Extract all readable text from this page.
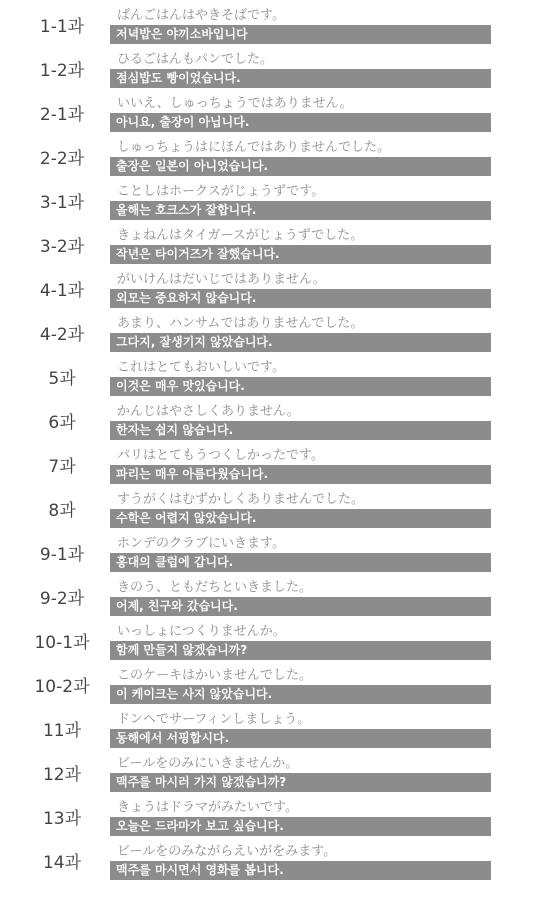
1-1과
ばんごはんはやきそばです。
저녁밥은 야끼소바입니다
1-2과
ひるごはんもパンでした。
점심밥도 빵이었습니다.
2-1과
いいえ、しゅっちょうではありません。
아니요, 출장이 아닙니다.
2-2과
しゅっちょうはにほんではありませんでした。
출장은 일본이 아니었습니다.
3-1과
ことしはホークスがじょうずです。
올해는 호크스가 잘합니다.
3-2과
きょねんはタイガースがじょうずでした。
작년은 타이거즈가 잘했습니다.
4-1과
がいけんはだいじではありません。
외모는 중요하지 않습니다.
4-2과
あまり、ハンサムではありませんでした。
그다지, 잘생기지 않았습니다.
5과
これはとてもおいしいです。
이것은 매우 맛있습니다.
6과
かんじはやさしくありません。
한자는 쉽지 않습니다.
7과
パリはとてもうつくしかったです。
파리는 매우 아름다웠습니다.
8과
すうがくはむずかしくありませんでした。
수학은 어렵지 않았습니다.
9-1과
ホンデのクラブにいきます。
홍대의 클럽에 갑니다.
9-2과
きのう、ともだちといきました。
어제, 친구와 갔습니다.
10-1과
いっしょにつくりませんか。
함께 만들지 않겠습니까?
10-2과
このケーキはかいませんでした。
이 케이크는 사지 않았습니다.
11과
ドンヘでサーフィンしましょう。
동해에서 서핑합시다.
12과
ビールをのみにいきませんか。
맥주를 마시러 가지 않겠습니까?
13과
きょうはドラマがみたいです。
오늘은 드라마가 보고 싶습니다.
14과
ビールをのみながらえいがをみます。
맥주를 마시면서 영화를 봅니다.
